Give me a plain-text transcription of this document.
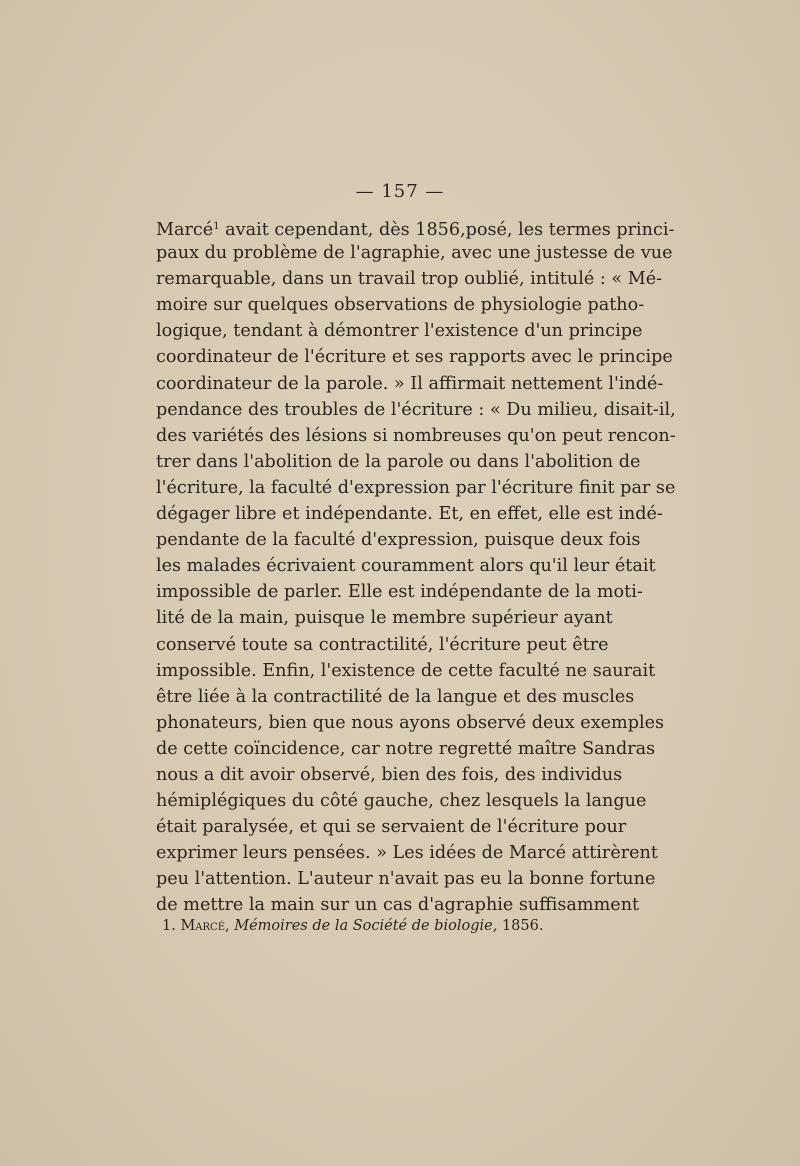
— 157 —
Marcé$^1$ avait cependant, dès 1856,posé, les termes princi-
paux du problème de l'agraphie, avec une justesse de vue
remarquable, dans un travail trop oublié, intitulé : « Mé-
moire sur quelques observations de physiologie patho-
logique, tendant à démontrer l'existence d'un principe
coordinateur de l'écriture et ses rapports avec le principe
coordinateur de la parole. » Il affirmait nettement l'indé-
pendance des troubles de l'écriture : « Du milieu, disait-il,
des variétés des lésions si nombreuses qu'on peut rencon-
trer dans l'abolition de la parole ou dans l'abolition de
l'écriture, la faculté d'expression par l'écriture finit par se
dégager libre et indépendante. Et, en effet, elle est indé-
pendante de la faculté d'expression, puisque deux fois
les malades écrivaient couramment alors qu'il leur était
impossible de parler. Elle est indépendante de la moti-
lité de la main, puisque le membre supérieur ayant
conservé toute sa contractilité, l'écriture peut être
impossible. Enfin, l'existence de cette faculté ne saurait
être liée à la contractilité de la langue et des muscles
phonateurs, bien que nous ayons observé deux exemples
de cette coïncidence, car notre regretté maître Sandras
nous a dit avoir observé, bien des fois, des individus
hémiplégiques du côté gauche, chez lesquels la langue
était paralysée, et qui se servaient de l'écriture pour
exprimer leurs pensées. » Les idées de Marcé attirèrent
peu l'attention. L'auteur n'avait pas eu la bonne fortune
de mettre la main sur un cas d'agraphie suffisamment
1. Marcé, Mémoires de la Société de biologie, 1856.
